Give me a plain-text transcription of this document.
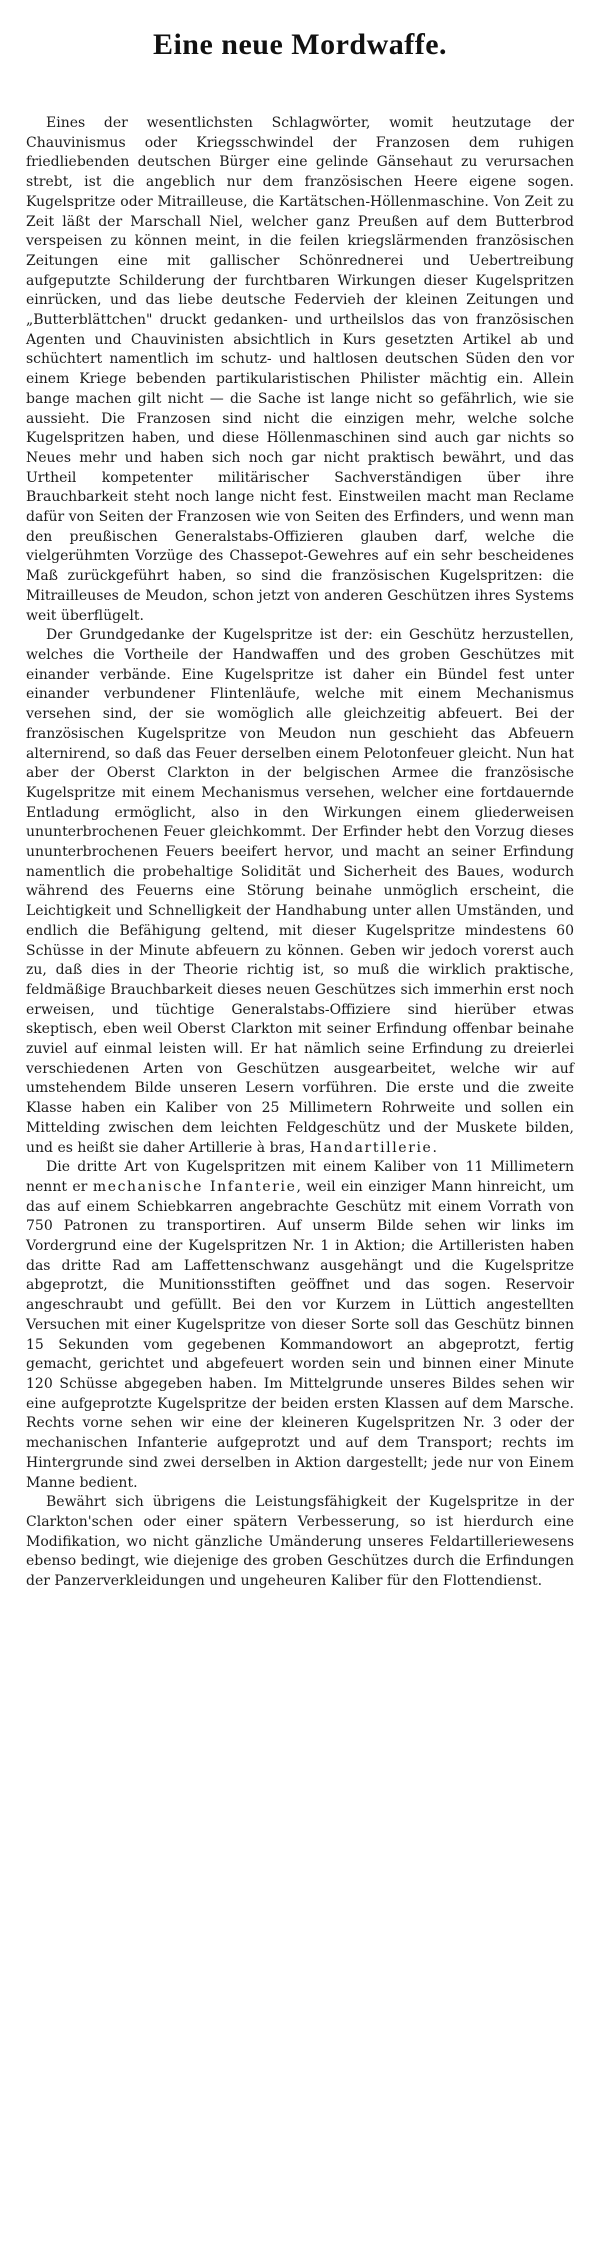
Eine neue Mordwaffe.

Eines der wesentlichsten Schlagwörter, womit heutzutage der Chauvinismus oder Kriegsschwindel der Franzosen dem ruhigen friedliebenden deutschen Bürger eine gelinde Gänsehaut zu verursachen strebt, ist die angeblich nur dem französischen Heere eigene sogen. Kugelspritze oder Mitrailleuse, die Kartätschen-Höllenmaschine. Von Zeit zu Zeit läßt der Marschall Niel, welcher ganz Preußen auf dem Butterbrod verspeisen zu können meint, in die feilen kriegslärmenden französischen Zeitungen eine mit gallischer Schönrednerei und Uebertreibung aufgeputzte Schilderung der furchtbaren Wirkungen dieser Kugelspritzen einrücken, und das liebe deutsche Federvieh der kleinen Zeitungen und „Butterblättchen" druckt gedanken- und urtheilslos das von französischen Agenten und Chauvinisten absichtlich in Kurs gesetzten Artikel ab und schüchtert namentlich im schutz- und haltlosen deutschen Süden den vor einem Kriege bebenden partikularistischen Philister mächtig ein. Allein bange machen gilt nicht — die Sache ist lange nicht so gefährlich, wie sie aussieht. Die Franzosen sind nicht die einzigen mehr, welche solche Kugelspritzen haben, und diese Höllenmaschinen sind auch gar nichts so Neues mehr und haben sich noch gar nicht praktisch bewährt, und das Urtheil kompetenter militärischer Sachverständigen über ihre Brauchbarkeit steht noch lange nicht fest. Einstweilen macht man Reclame dafür von Seiten der Franzosen wie von Seiten des Erfinders, und wenn man den preußischen Generalstabs-Offizieren glauben darf, welche die vielgerühmten Vorzüge des Chassepot-Gewehres auf ein sehr bescheidenes Maß zurückgeführt haben, so sind die französischen Kugelspritzen: die Mitrailleuses de Meudon, schon jetzt von anderen Geschützen ihres Systems weit überflügelt.

Der Grundgedanke der Kugelspritze ist der: ein Geschütz herzustellen, welches die Vortheile der Handwaffen und des groben Geschützes mit einander verbände. Eine Kugelspritze ist daher ein Bündel fest unter einander verbundener Flintenläufe, welche mit einem Mechanismus versehen sind, der sie womöglich alle gleichzeitig abfeuert. Bei der französischen Kugelspritze von Meudon nun geschieht das Abfeuern alternirend, so daß das Feuer derselben einem Pelotonfeuer gleicht. Nun hat aber der Oberst Clarkton in der belgischen Armee die französische Kugelspritze mit einem Mechanismus versehen, welcher eine fortdauernde Entladung ermöglicht, also in den Wirkungen einem gliederweisen ununterbrochenen Feuer gleichkommt. Der Erfinder hebt den Vorzug dieses ununterbrochenen Feuers beeifert hervor, und macht an seiner Erfindung namentlich die probehaltige Solidität und Sicherheit des Baues, wodurch während des Feuerns eine Störung beinahe unmöglich erscheint, die Leichtigkeit und Schnelligkeit der Handhabung unter allen Umständen, und endlich die Befähigung geltend, mit dieser Kugelspritze mindestens 60 Schüsse in der Minute abfeuern zu können. Geben wir jedoch vorerst auch zu, daß dies in der Theorie richtig ist, so muß die wirklich praktische, feldmäßige Brauchbarkeit dieses neuen Geschützes sich immerhin erst noch erweisen, und tüchtige Generalstabs-Offiziere sind hierüber etwas skeptisch, eben weil Oberst Clarkton mit seiner Erfindung offenbar beinahe zuviel auf einmal leisten will. Er hat nämlich seine Erfindung zu dreierlei verschiedenen Arten von Geschützen ausgearbeitet, welche wir auf umstehendem Bilde unseren Lesern vorführen. Die erste und die zweite Klasse haben ein Kaliber von 25 Millimetern Rohrweite und sollen ein Mittelding zwischen dem leichten Feldgeschütz und der Muskete bilden, und es heißt sie daher Artillerie à bras, Handartillerie.

Die dritte Art von Kugelspritzen mit einem Kaliber von 11 Millimetern nennt er mechanische Infanterie, weil ein einziger Mann hinreicht, um das auf einem Schiebkarren angebrachte Geschütz mit einem Vorrath von 750 Patronen zu transportiren. Auf unserm Bilde sehen wir links im Vordergrund eine der Kugelspritzen Nr. 1 in Aktion; die Artilleristen haben das dritte Rad am Laffettenschwanz ausgehängt und die Kugelspritze abgeprotzt, die Munitionsstiften geöffnet und das sogen. Reservoir angeschraubt und gefüllt. Bei den vor Kurzem in Lüttich angestellten Versuchen mit einer Kugelspritze von dieser Sorte soll das Geschütz binnen 15 Sekunden vom gegebenen Kommandowort an abgeprotzt, fertig gemacht, gerichtet und abgefeuert worden sein und binnen einer Minute 120 Schüsse abgegeben haben. Im Mittelgrunde unseres Bildes sehen wir eine aufgeprotzte Kugelspritze der beiden ersten Klassen auf dem Marsche. Rechts vorne sehen wir eine der kleineren Kugelspritzen Nr. 3 oder der mechanischen Infanterie aufgeprotzt und auf dem Transport; rechts im Hintergrunde sind zwei derselben in Aktion dargestellt; jede nur von Einem Manne bedient.

Bewährt sich übrigens die Leistungsfähigkeit der Kugelspritze in der Clarkton'schen oder einer spätern Verbesserung, so ist hierdurch eine Modifikation, wo nicht gänzliche Umänderung unseres Feldartilleriewesens ebenso bedingt, wie diejenige des groben Geschützes durch die Erfindungen der Panzerverkleidungen und ungeheuren Kaliber für den Flottendienst.
